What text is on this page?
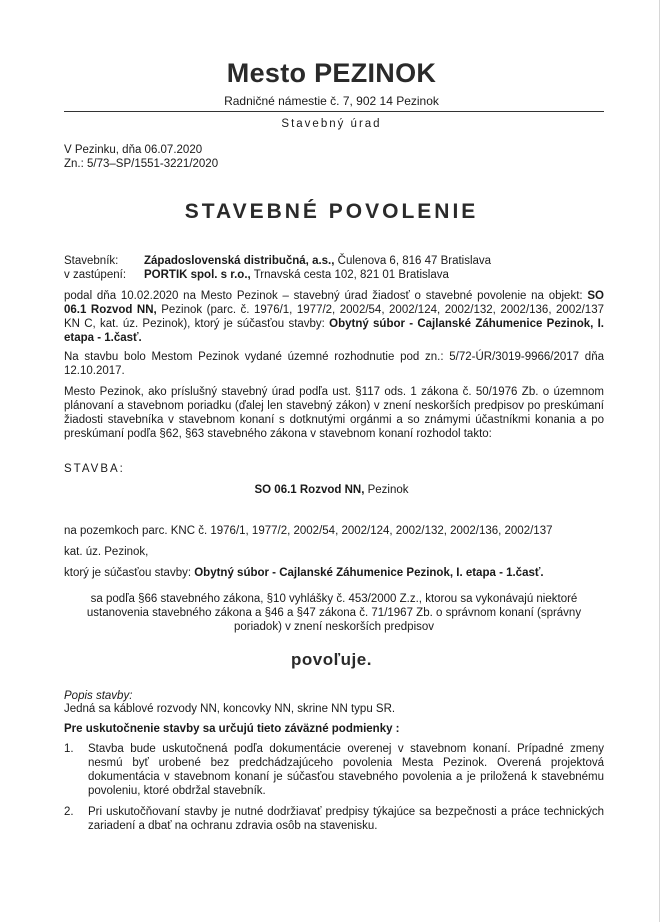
Mesto PEZINOK
Radničné námestie č. 7, 902 14 Pezinok
Stavebný úrad
V Pezinku, dňa 06.07.2020
Zn.: 5/73–SP/1551-3221/2020
STAVEBNÉ POVOLENIE
Stavebník:	Západoslovenská distribučná, a.s., Čulenova 6, 816 47 Bratislava
v zastúpení:	PORTIK spol. s r.o., Trnavská cesta 102, 821 01 Bratislava
podal dňa 10.02.2020 na Mesto Pezinok – stavebný úrad žiadosť o stavebné povolenie na objekt: SO 06.1 Rozvod NN, Pezinok (parc. č. 1976/1, 1977/2, 2002/54, 2002/124, 2002/132, 2002/136, 2002/137 KN C, kat. úz. Pezinok), ktorý je súčasťou stavby: Obytný súbor - Cajlanské Záhumenice Pezinok, I. etapa - 1.časť.
Na stavbu bolo Mestom Pezinok vydané územné rozhodnutie pod zn.: 5/72-ÚR/3019-9966/2017 dňa 12.10.2017.
Mesto Pezinok, ako príslušný stavebný úrad podľa ust. §117 ods. 1 zákona č. 50/1976 Zb. o územnom plánovaní a stavebnom poriadku (ďalej len stavebný zákon) v znení neskorších predpisov po preskúmaní žiadosti stavebníka v stavebnom konaní s dotknutými orgánmi a so známymi účastníkmi konania a po preskúmaní podľa §62, §63 stavebného zákona v stavebnom konaní rozhodol takto:
STAVBA:
SO 06.1 Rozvod NN, Pezinok
na pozemkoch parc. KNC č. 1976/1, 1977/2, 2002/54, 2002/124, 2002/132, 2002/136, 2002/137
kat. úz. Pezinok,
ktorý je súčasťou stavby: Obytný súbor - Cajlanské Záhumenice Pezinok, I. etapa - 1.časť.
sa podľa §66 stavebného zákona, §10 vyhlášky č. 453/2000 Z.z., ktorou sa vykonávajú niektoré ustanovenia stavebného zákona a §46 a §47 zákona č. 71/1967 Zb. o správnom konaní (správny poriadok) v znení neskorších predpisov
povoľuje.
Popis stavby:
Jedná sa káblové rozvody NN, koncovky NN, skrine NN typu SR.
Pre uskutočnenie stavby sa určujú tieto záväzné podmienky :
1.	Stavba bude uskutočnená podľa dokumentácie overenej v stavebnom konaní. Prípadné zmeny nesmú byť urobené bez predchádzajúceho povolenia Mesta Pezinok. Overená projektová dokumentácia v stavebnom konaní je súčasťou stavebného povolenia a je priložená k stavebnému povoleniu, ktoré obdržal stavebník.
2.	Pri uskutočňovaní stavby je nutné dodržiavať predpisy týkajúce sa bezpečnosti a práce technických zariadení a dbať na ochranu zdravia osôb na stavenisku.
